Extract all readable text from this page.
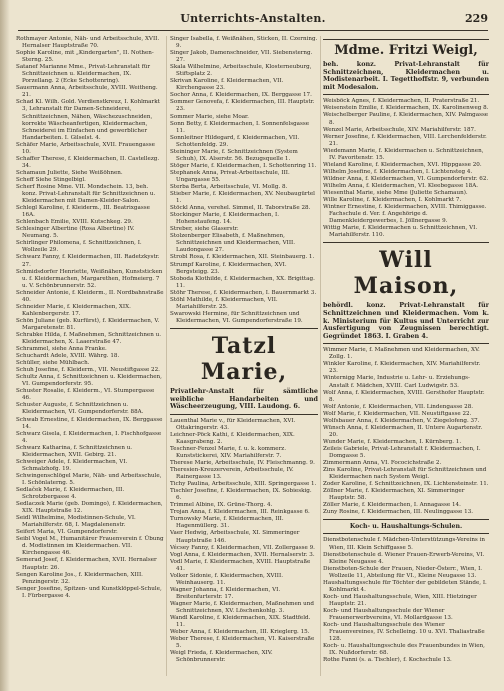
Unterrichts-Anstalten.	229

Rothmayer Antonie, Näh- und Arbeitsschule, XVII. Hernalser Hauptstraße 70.

Sophie Karoline, mit „Kindergarten", II. Nothen-Sterng. 25.

Satanef Marianne Mme., Privat-Lehranstalt für Schnittzeichnen u. Kleidermachen, IX. Porzellang. 2 (Ecke Schottenring).

Sauermann Anna, Arbeitsschule, XVIII. Weitheng. 21.

Schad Kl. Wilh. Gold. Verdienstkreuz, I. Kohlmarkt 3, Lehranstalt für Damen-Schneiderei, Schnittzeichnen, Nähen, Wäschezuschneiden, korrekte Wäscheanfertigen, Kleidermachen, Schneiderei im Einfachen und gewerblicher Handarbeiten. I. Gilselst. 4.

Schäfer Marie, Arbeitsschule, XVII. Frauengasse 10.

Schaffer Therese, f. Kleidermachen, II. Castellezg. 34.

Schamaun Juliette, Siehe Weißöhnen.

Scheff Siehe Stingelbigl.

Scherf Rosine Mme. VII. Mondschein. 13, beh. konz. Privat-Lehranstalt für Schnittzeichnen u. Kleidermachen mit Damen-Kleider-Salon.

Schlegl Karoline, f. Kleiderm., III. Beatrixgasse 16A.

Schlenbach Emilie, XVIII. Kutschkeg. 29.

Schlesinger Albertine (Rosa Albertine) IV. Neumang. 5.

Schirlinger Philomena, f. Schnittzeichnen, I. Wollzeile 29.

Schwarz Fanny, f. Kleidermachen, III. Radetzkystr. 27.

Schmidsdorfer Henriette, Weißnähen, Kunststicken u. f. Kleidermachen, Margarethen, Hofmeierg. 7 u. V. Schönbrunnerstr. 52.

Schneider Antonie, f. Kleiderm., II. Nordbahnstraße 40.

Schneider Marie, f. Kleidermachen, XIX. Kahlenbergerstr. 17.

Schön Juliane (geb. Kurfürst), f. Kleidermachen, V. Margaretenstr. 81.

Schrabke Hilda, f. Maßnehmen, Schnittzeichnen u. Kleidermachen, X. Laaerstraße 47.

Schrammel, siehe Anna Franke.

Schuchardt Adele, XVIII. Währg. 18.

Schüller, siehe Mühlbach.

Schuh Josefine, f. Kleiderm., VII. Neustiftgasse 22.

Schultz Anna, f. Schnittzeichnen u. Kleidermachen, VI. Gumpendorferstr. 95.

Schuster Rosalie, f. Kleiderm., VI. Stumpergasse 46.

Schuster Auguste, f. Schnittzeichnen u. Kleidermachen, VI. Gumpendorferstr. 88A.

Schwab Ernestine, f. Kleidermachen, IX. Berggasse 14.

Schwarz Gisela, f. Kleidermachen, I. Fischhofgasse 4.

Schwarz Katharina, f. Schnittzeichnen u. Kleidermachen, XVII. Gebirg. 21.

Schweiger Adele, f. Kleidermachen, VI. Schmalzhofg. 19.

Schwingenschlögel Marie, Näh- und Arbeitsschule, I. Schönlaterng. 5.

Sedlaček Marie, f. Kleidermachen, III. Schrotzbergasse 4.

Sedlaczek Marie (geb. Domingo), f. Kleidermachen, XIX. Hauptstraße 12.

Seidl Wilhelmine, Modistinnen-Schule, VI. Mariahilferstr. 68, I. Magdalenenstr.

Seifert Maria, VI. Gumpendorferstr.

Seibl Vogel M., Humanitärer Frauenverein f. Übung d. Modistinnen im Kleidermachen. VII. Kirchengasse 46.

Semerad Josef, f. Kleidermachen, XVII. Hernalser Hauptstr. 26.

Sengen Karoline Jos., f. Kleidermachen, XIII. Penzingerstr. 32.

Senger Josefine, Spitzen- und Kunstklöppel-Schule, I. Fürbergasse 4.

Singer Isabella, f. Weißnähen, Sticken, II. Czerning. 9.

Singer Jakob, Damenschneider, VII. Siebensterng. 27.

Skala Wilhelmine, Arbeitsschule, Klosterneuburg, Stiftsplatz 2.

Skrivan Karoline, f. Kleidermachen, VII. Kirchengasse 23.

Sochor Anna, f. Kleidermachen, IX. Berggasse 17.

Sommer Genovefa, f. Kleidermachen, III. Hauptstr. 23.

Sommer Marie, siehe Moar.

Sonn Betty, f. Kleidermachen, I. Sonnenfelsgasse 11.

Sonnleitner Hildegard, f. Kleidermachen, VII. Schottenfeldg. 29.

Steininger Marie, f. Schnittzeichnen (System Schuh), IX. Alserstr. 56. Bezugsquelle 1.

Stöger Marie, f. Kleidermachen, I. Schottenring 11.

Stephanek Anna, Privat-Arbeitsschule, III. Ungargasse 55.

Sterba Berta, Arbeitsschule, VI. Mollg. 8.

Stieber Marie, f. Kleidermachen, XV. Neubaugürtel 1.

Stöckl Anna, verehel. Simmel, II. Taborstraße 28.

Stockinger Marie, f. Kleidermachen, I. Hohenstaufeng. 14.

Streber, siehe Glaserstr.

Stolzenberger Elisabeth, f. Maßnehmen, Schnittzeichnen und Kleidermachen, VIII. Laudongasse 27.

Strobl Rosa, f. Kleidermachen, XII. Steinbauerg. 1.

Strumpf Karoline, f. Kleidermachen, XVI. Bergsteigg. 23.

Stoboda Klothilde, f. Kleidermachen, XX. Brigittag. 11.

Stöhr Therese, f. Kleidermachen, I. Bauernmarkt 3.

Stöhl Mathilde, f. Kleidermachen, VII. Mariahilferstr. 25.

Swarowski Hermine, für Schnittzeichnen und Kleidermachen, VI. Gumpendorferstraße 19.

Tatzl Marie,
Privatlehr-Anstalt für sämtliche weibliche Handarbeiten und Wäscheerzeugung, VIII. Laudong. 6.

Lauenthal Marie v., für Kleidermachen, XVI. Ottakringerstr. 43.

Leichner-Pöck Kathi, f. Kleidermachen, XIX. Kaasgrabeng. 2.

Teschner-Fenzel Marie, f. u. k. kommerz. Kunststickerei, XIV. Mariahilferstr. 7.

Therese Marie, Arbeitsschule, IV. Fleischmanng. 9.

Theresien-Kreuzerverein, Arbeitsschule, IV. Rainergasse 13.

Tichy Paulina, Arbeitsschule, XIII. Springergasse 1.

Tischler Josefine, f. Kleidermachen, IX. Sobieskig. 6.

Trimmel Albine, IX. Grüne-Thorg. 4.

Trojan Anna, f. Kleidermachen, III. Reinkgasse 6.

Turnowsky Marie, f. Kleidermachen, III. Hagenmüllerg. 31.

Vaer Hedwig, Arbeitsschule, XI. Simmeringer Hauptstraße 146.

Vécsey Fanny, f. Kleidermachen, VII. Zollergasse 9.

Vogl Anna, f. Kleidermachen, XVII. Hernalserstr. 3.

Vodl Marie, f. Kleidermachen, XVIII. Hauptstraße 41.

Volker Sidonie, f. Kleidermachen, XVIII. Weinhauserg. 11.

Wagner Johanna, f. Kleidermachen, VI. Breitenfurterstr. 17.

Wagner Marie, f. Kleidermachen, Maßnehmen und Schnittzeichnen, XV. Löschenkohlg. 3.

Wandl Karoline, f. Kleidermachen, XIX. Stadtfeld. 11.

Weber Anna, f. Kleidermachen, III. Krieglerg. 15.

Weber Therese, f. Kleidermachen, VI. Kaiserstraße 5.

Weigl Frieda, f. Kleidermachen, XIV. Schönbrunnerstr.

Mdme. Fritzi Weigl,
beh. konz. Privat-Lehranstalt für Schnittzeichnen, Kleidermachen u. Modistenarbeit. I. Tegetthoffstr. 9, verbunden mit Modesalon.

Weisböck Agnes, f. Kleidermachen, II. Praterstraße 21.

Weisenstein Emilie, f. Kleidermachen, IX. Karolinenweg 8.

Weischelberger Pauline, f. Kleidermachen, XIV. Palmgasse 8.

Wenzel Marie, Arbeitsschule, XIV. Mariahilferstr. 187.

Werner Josefine, f. Kleidermachen, VIII. Lerchenfelderstr. 21.

Wiedemann Marie, f. Kleidermachen u. Schnittzeichnen, IV. Favoritenstr. 15.

Wieland Karoline, f. Kleidermachen, XVI. Hippgasse 20.

Wilhelm Josefine, f. Kleidermachen, I. Lichtensteg 4.

Wildner Anna, f. Kleidermachen, VI. Gumpendorferstr. 62.

Wilhelm Anna, f. Kleidermachen, VI. Kleebegasse 18A.

Wiesenthal Marie, siehe Mme (Juliette Schamaun).

Wille Karoline, f. Kleidermachen, I. Kohlmarkt 7.

Wintner Ernestine, f. Kleidermachen, XVIII. Thimiggasse. Fachschule d. Ver. f. Angehörige d. Damenkleidergewerbes, I. Jöllnergasse 9.

Wittig Marie, f. Kleidermachen u. Schnittzeichnen, VI. Mariahilferstr. 110.

Will Maison,
behördl. konz. Privat-Lehranstalt für Schnittzeichnen und Kleidermachen. Vom k. k. Ministerium für Kultus und Unterricht zur Ausfertigung von Zeugnissen berechtigt. Gegründet 1863. I. Graben 4.

Wimmer Marie, f. Maßnehmen und Kleidermachen, XV. Zollg. 1.

Winkler Karoline, f. Kleidermachen, XIV. Mariahilferstr. 23.

Winternigg Marie, Industrie u. Lehr- u. Erziehungs-Anstalt f. Mädchen, XVIII. Carl Ludwigstr. 53.

Wolf Anna, f. Kleidermachen, XVIII. Gersthofer Hauptstr. 8.

Wolf Antonie, f. Kleidermachen, VII. Lindengasse 28.

Wolf Marie, f. Kleidermachen, VII. Neustiftgasse 22.

Wolfsbauer Anna, f. Kleidermachen, V. Ziegelofeng. 37.

Wünsch Anna, f. Kleidermachen, II. Untere Augartenstr. 20.

Wunder Marie, f. Kleidermachen, I. Kürnberg. 1.

Zeileis Gabriele, Privat-Lehranstalt f. Kleidermachen, I. Domgasse 5.

Zimmermann Anna, VI. Fococichstraße 2.

Zins Karoline, Privat-Lehranstalt für Schnittzeichnen und Kleidermachen nach System Weigl.

Zoder Karoline, f. Schnittzeichnen, IX. Lichtensteinstr. 11.

Zöllner Marie, f. Kleidermachen, XI. Simmeringer Hauptstr. 58.

Zöller Marie, f. Kleidermachen, I. Annagasse 14.

Zuny Rosine, f. Kleidermachen, III. Neulinggasse 13.

Koch- u. Haushaltungs-Schulen.

Dienstbotenschule f. Mädchen-Unterstützungs-Vereins in Wien, III. Klein Schiffgasse 5.

Dienstbotenschule d. Wiener Frauen-Erwerb-Vereins, VI. Kleine Neugasse 4.

Dienstboten-Schule der Frauen, Nieder-Österr., Wien, I. Wollzeile 11, Abteilung für VI., Kleine Neugasse 13.

Haushaltungsschule für Töchter der gebildeten Stände, I. Kohlmarkt 4.

Koch- und Haushaltungsschule, Wien, XIII. Hietzinger Hauptstr. 21.

Koch- und Haushaltungsschule der Wiener Frauenerwerbvereins, VI. Mollardgasse 13.

Koch- und Haushaltungsschule des Wiener Frauenvereines, IV. Schelleing. 10 u. XVI. Thaliastraße 128.

Koch- u. Haushaltungsschule des Frauenbundes in Wien, IX. Nußdorferstr. 68.

Rothe Fanni (s. a. Tischler), f. Kochschule 13.
